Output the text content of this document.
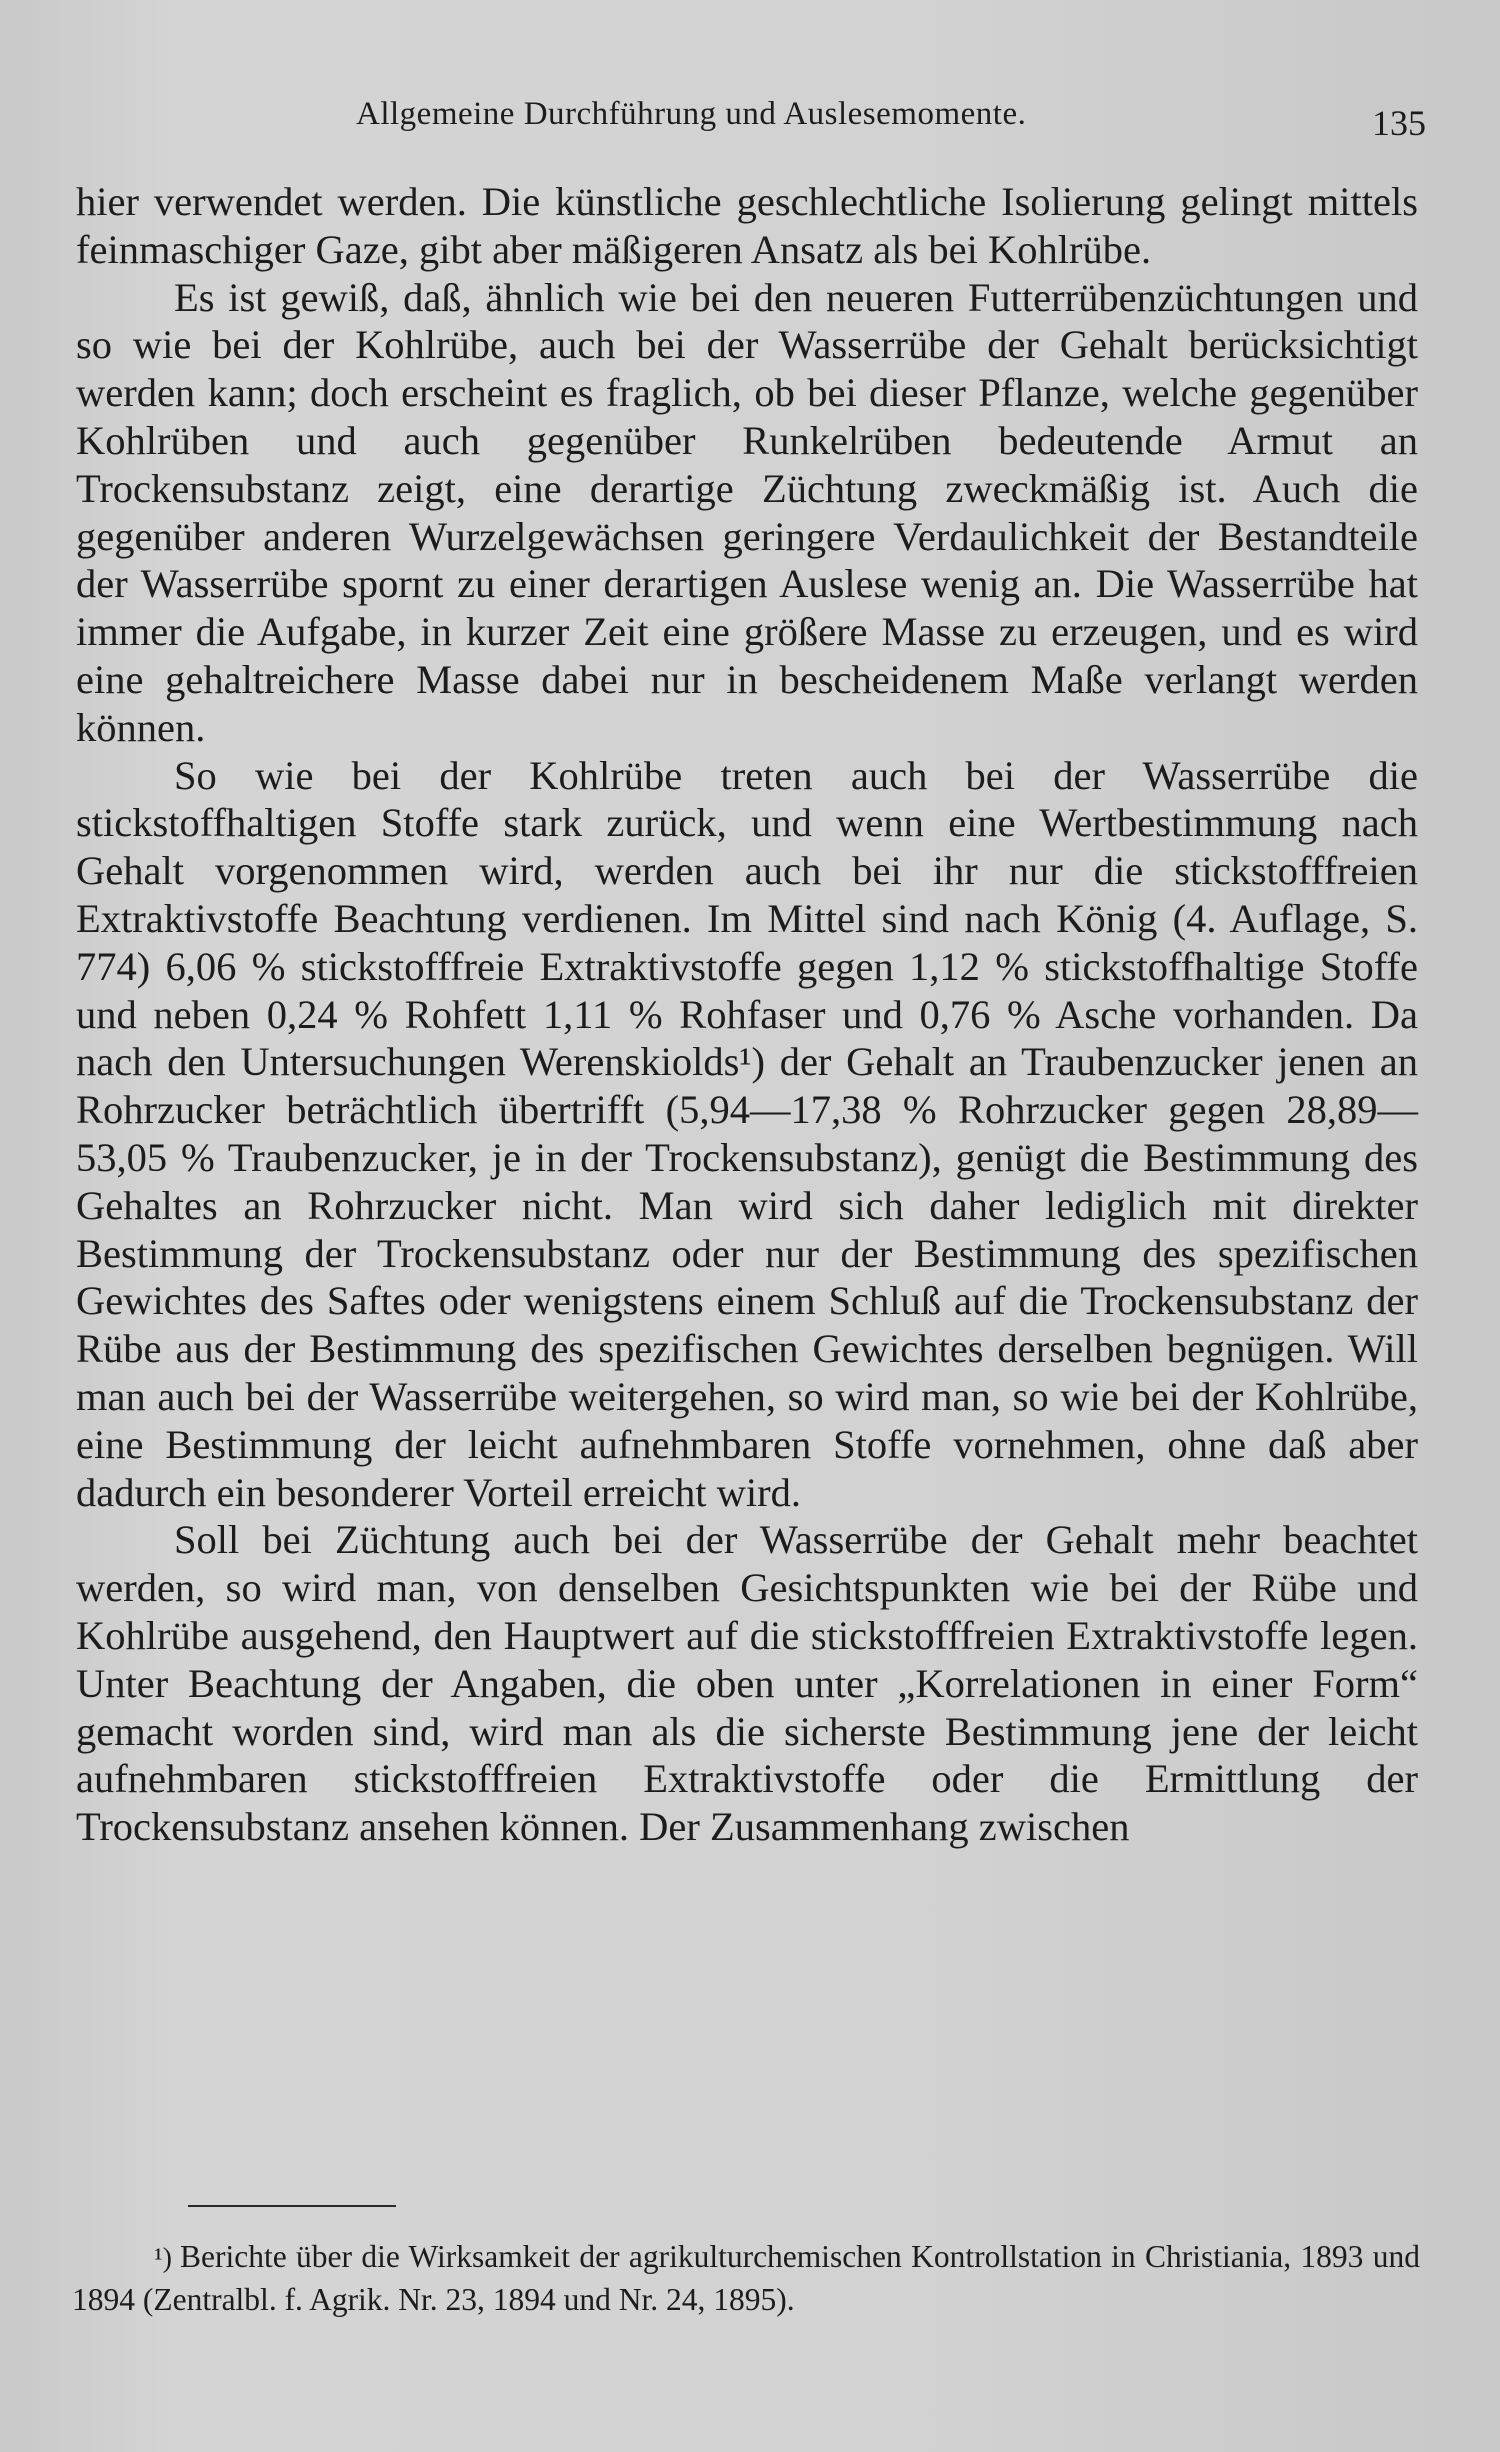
Allgemeine Durchführung und Auslesemomente.	135

hier verwendet werden. Die künstliche geschlechtliche Isolierung gelingt mittels feinmaschiger Gaze, gibt aber mäßigeren Ansatz als bei Kohlrübe.

Es ist gewiß, daß, ähnlich wie bei den neueren Futterrübenzüchtungen und so wie bei der Kohlrübe, auch bei der Wasserrübe der Gehalt berücksichtigt werden kann; doch erscheint es fraglich, ob bei dieser Pflanze, welche gegenüber Kohlrüben und auch gegenüber Runkelrüben bedeutende Armut an Trockensubstanz zeigt, eine derartige Züchtung zweckmäßig ist. Auch die gegenüber anderen Wurzelgewächsen geringere Verdaulichkeit der Bestandteile der Wasserrübe spornt zu einer derartigen Auslese wenig an. Die Wasserrübe hat immer die Aufgabe, in kurzer Zeit eine größere Masse zu erzeugen, und es wird eine gehaltreichere Masse dabei nur in bescheidenem Maße verlangt werden können.

So wie bei der Kohlrübe treten auch bei der Wasserrübe die stickstoffhaltigen Stoffe stark zurück, und wenn eine Wertbestimmung nach Gehalt vorgenommen wird, werden auch bei ihr nur die stickstofffreien Extraktivstoffe Beachtung verdienen. Im Mittel sind nach König (4. Auflage, S. 774) 6,06 % stickstofffreie Extraktivstoffe gegen 1,12 % stickstoffhaltige Stoffe und neben 0,24 % Rohfett 1,11 % Rohfaser und 0,76 % Asche vorhanden. Da nach den Untersuchungen Werenskiolds¹) der Gehalt an Traubenzucker jenen an Rohrzucker beträchtlich übertrifft (5,94—17,38 % Rohrzucker gegen 28,89—53,05 % Traubenzucker, je in der Trockensubstanz), genügt die Bestimmung des Gehaltes an Rohrzucker nicht. Man wird sich daher lediglich mit direkter Bestimmung der Trockensubstanz oder nur der Bestimmung des spezifischen Gewichtes des Saftes oder wenigstens einem Schluß auf die Trockensubstanz der Rübe aus der Bestimmung des spezifischen Gewichtes derselben begnügen. Will man auch bei der Wasserrübe weitergehen, so wird man, so wie bei der Kohlrübe, eine Bestimmung der leicht aufnehmbaren Stoffe vornehmen, ohne daß aber dadurch ein besonderer Vorteil erreicht wird.

Soll bei Züchtung auch bei der Wasserrübe der Gehalt mehr beachtet werden, so wird man, von denselben Gesichtspunkten wie bei der Rübe und Kohlrübe ausgehend, den Hauptwert auf die stickstofffreien Extraktivstoffe legen. Unter Beachtung der Angaben, die oben unter „Korrelationen in einer Form“ gemacht worden sind, wird man als die sicherste Bestimmung jene der leicht aufnehmbaren stickstofffreien Extraktivstoffe oder die Ermittlung der Trockensubstanz ansehen können. Der Zusammenhang zwischen

¹) Berichte über die Wirksamkeit der agrikulturchemischen Kontrollstation in Christiania, 1893 und 1894 (Zentralbl. f. Agrik. Nr. 23, 1894 und Nr. 24, 1895).
